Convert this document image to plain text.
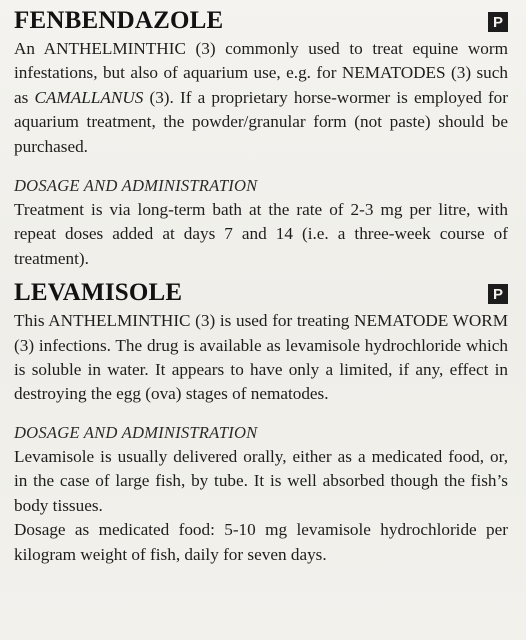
FENBENDAZOLE	P

An ANTHELMINTHIC (3) commonly used to treat equine worm infestations, but also of aquarium use, e.g. for NEMATODES (3) such as CAMALLANUS (3). If a proprietary horse-wormer is employed for aquarium treatment, the powder/granular form (not paste) should be purchased.

DOSAGE AND ADMINISTRATION

Treatment is via long-term bath at the rate of 2-3 mg per litre, with repeat doses added at days 7 and 14 (i.e. a three-week course of treatment).

LEVAMISOLE	P

This ANTHELMINTHIC (3) is used for treating NEMATODE WORM (3) infections. The drug is available as levamisole hydrochloride which is soluble in water. It appears to have only a limited, if any, effect in destroying the egg (ova) stages of nematodes.

DOSAGE AND ADMINISTRATION

Levamisole is usually delivered orally, either as a medicated food, or, in the case of large fish, by tube. It is well absorbed though the fish’s body tissues.

Dosage as medicated food: 5-10 mg levamisole hydrochloride per kilogram weight of fish, daily for seven days.
